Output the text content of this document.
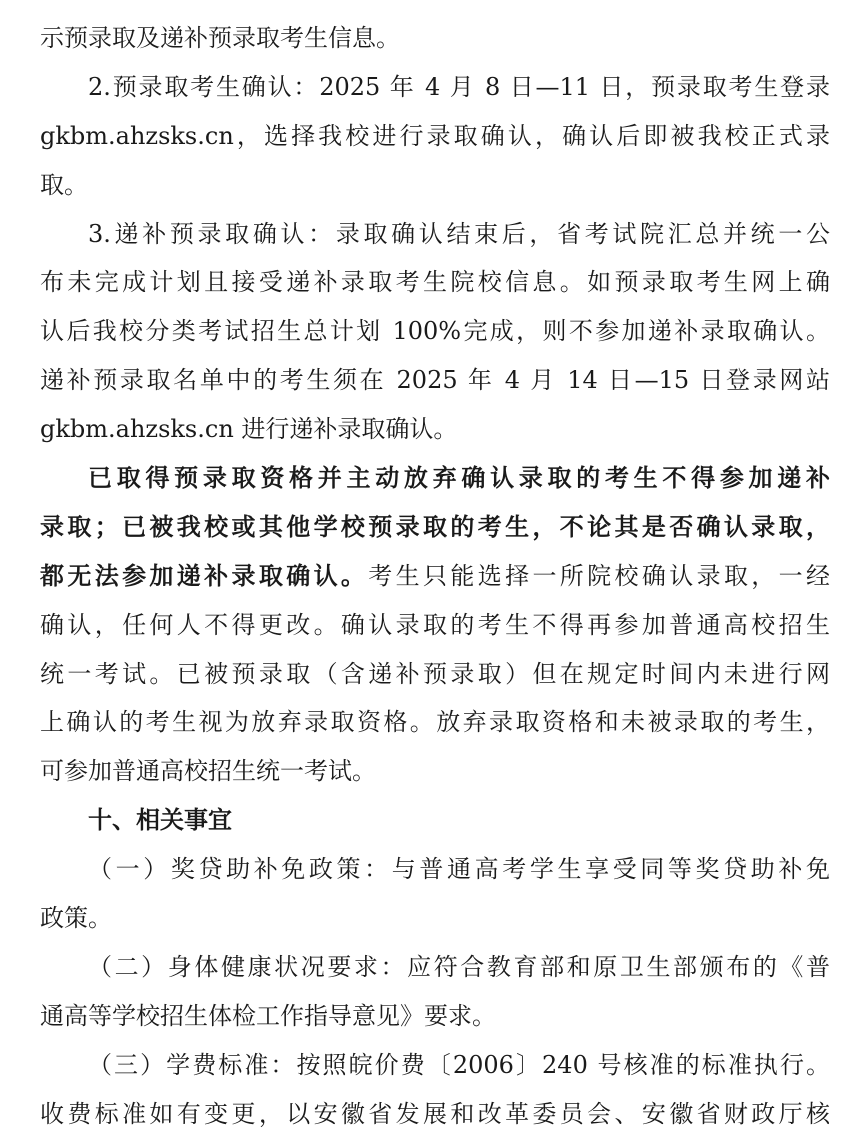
示预录取及递补预录取考生信息。
2.预录取考生确认：2025 年 4 月 8 日—11 日，预录取考生登录
gkbm.ahzsks.cn，选择我校进行录取确认，确认后即被我校正式录
取。
3.递补预录取确认：录取确认结束后，省考试院汇总并统一公
布未完成计划且接受递补录取考生院校信息。如预录取考生网上确
认后我校分类考试招生总计划 100%完成，则不参加递补录取确认。
递补预录取名单中的考生须在 2025 年 4 月 14 日—15 日登录网站
gkbm.ahzsks.cn 进行递补录取确认。
已取得预录取资格并主动放弃确认录取的考生不得参加递补
录取；已被我校或其他学校预录取的考生，不论其是否确认录取，
都无法参加递补录取确认。考生只能选择一所院校确认录取，一经
确认，任何人不得更改。确认录取的考生不得再参加普通高校招生
统一考试。已被预录取（含递补预录取）但在规定时间内未进行网
上确认的考生视为放弃录取资格。放弃录取资格和未被录取的考生，
可参加普通高校招生统一考试。
十、相关事宜
（一）奖贷助补免政策：与普通高考学生享受同等奖贷助补免
政策。
（二）身体健康状况要求：应符合教育部和原卫生部颁布的《普
通高等学校招生体检工作指导意见》要求。
（三）学费标准：按照皖价费〔2006〕240 号核准的标准执行。
收费标准如有变更，以安徽省发展和改革委员会、安徽省财政厅核
